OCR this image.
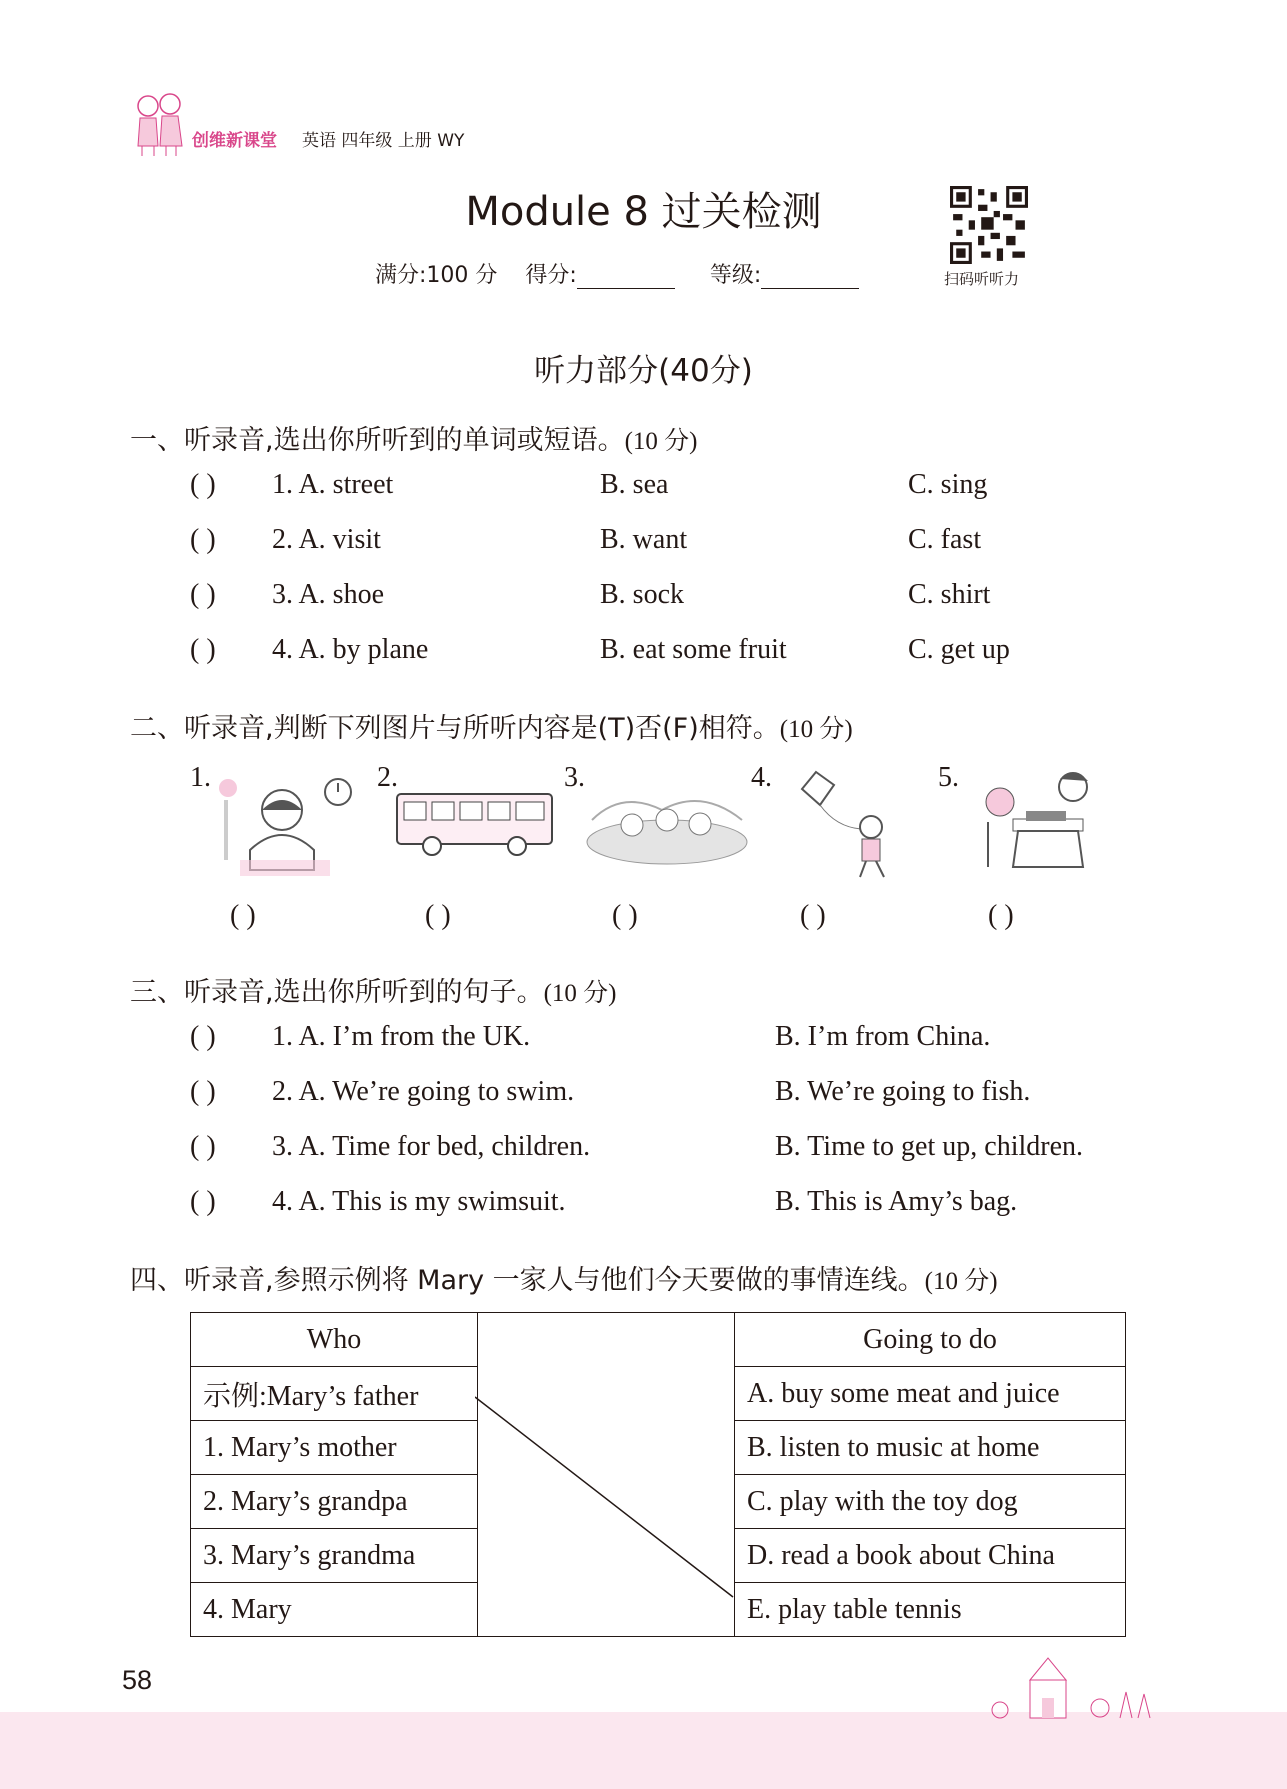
创维新课堂 英语 四年级 上册 WY
Module 8 过关检测
满分:100 分 得分:	等级:	扫码听听力
听力部分(40分)
一、听录音,选出你所听到的单词或短语。(10 分)
( ) 1. A. street	B. sea	C. sing
( ) 2. A. visit	B. want	C. fast
( ) 3. A. shoe	B. sock	C. shirt
( ) 4. A. by plane	B. eat some fruit	C. get up
二、听录音,判断下列图片与所听内容是(T)否(F)相符。(10 分)
1.	2.	3.	4.	5.
( )	( )	( )	( )	( )
三、听录音,选出你所听到的句子。(10 分)
( ) 1. A. I’m from the UK.	B. I’m from China.
( ) 2. A. We’re going to swim.	B. We’re going to fish.
( ) 3. A. Time for bed, children.	B. Time to get up, children.
( ) 4. A. This is my swimsuit.	B. This is Amy’s bag.
四、听录音,参照示例将 Mary 一家人与他们今天要做的事情连线。(10 分)
Who		Going to do
示例:Mary’s father		A. buy some meat and juice
1. Mary’s mother		B. listen to music at home
2. Mary’s grandpa		C. play with the toy dog
3. Mary’s grandma		D. read a book about China
4. Mary		E. play table tennis
58
